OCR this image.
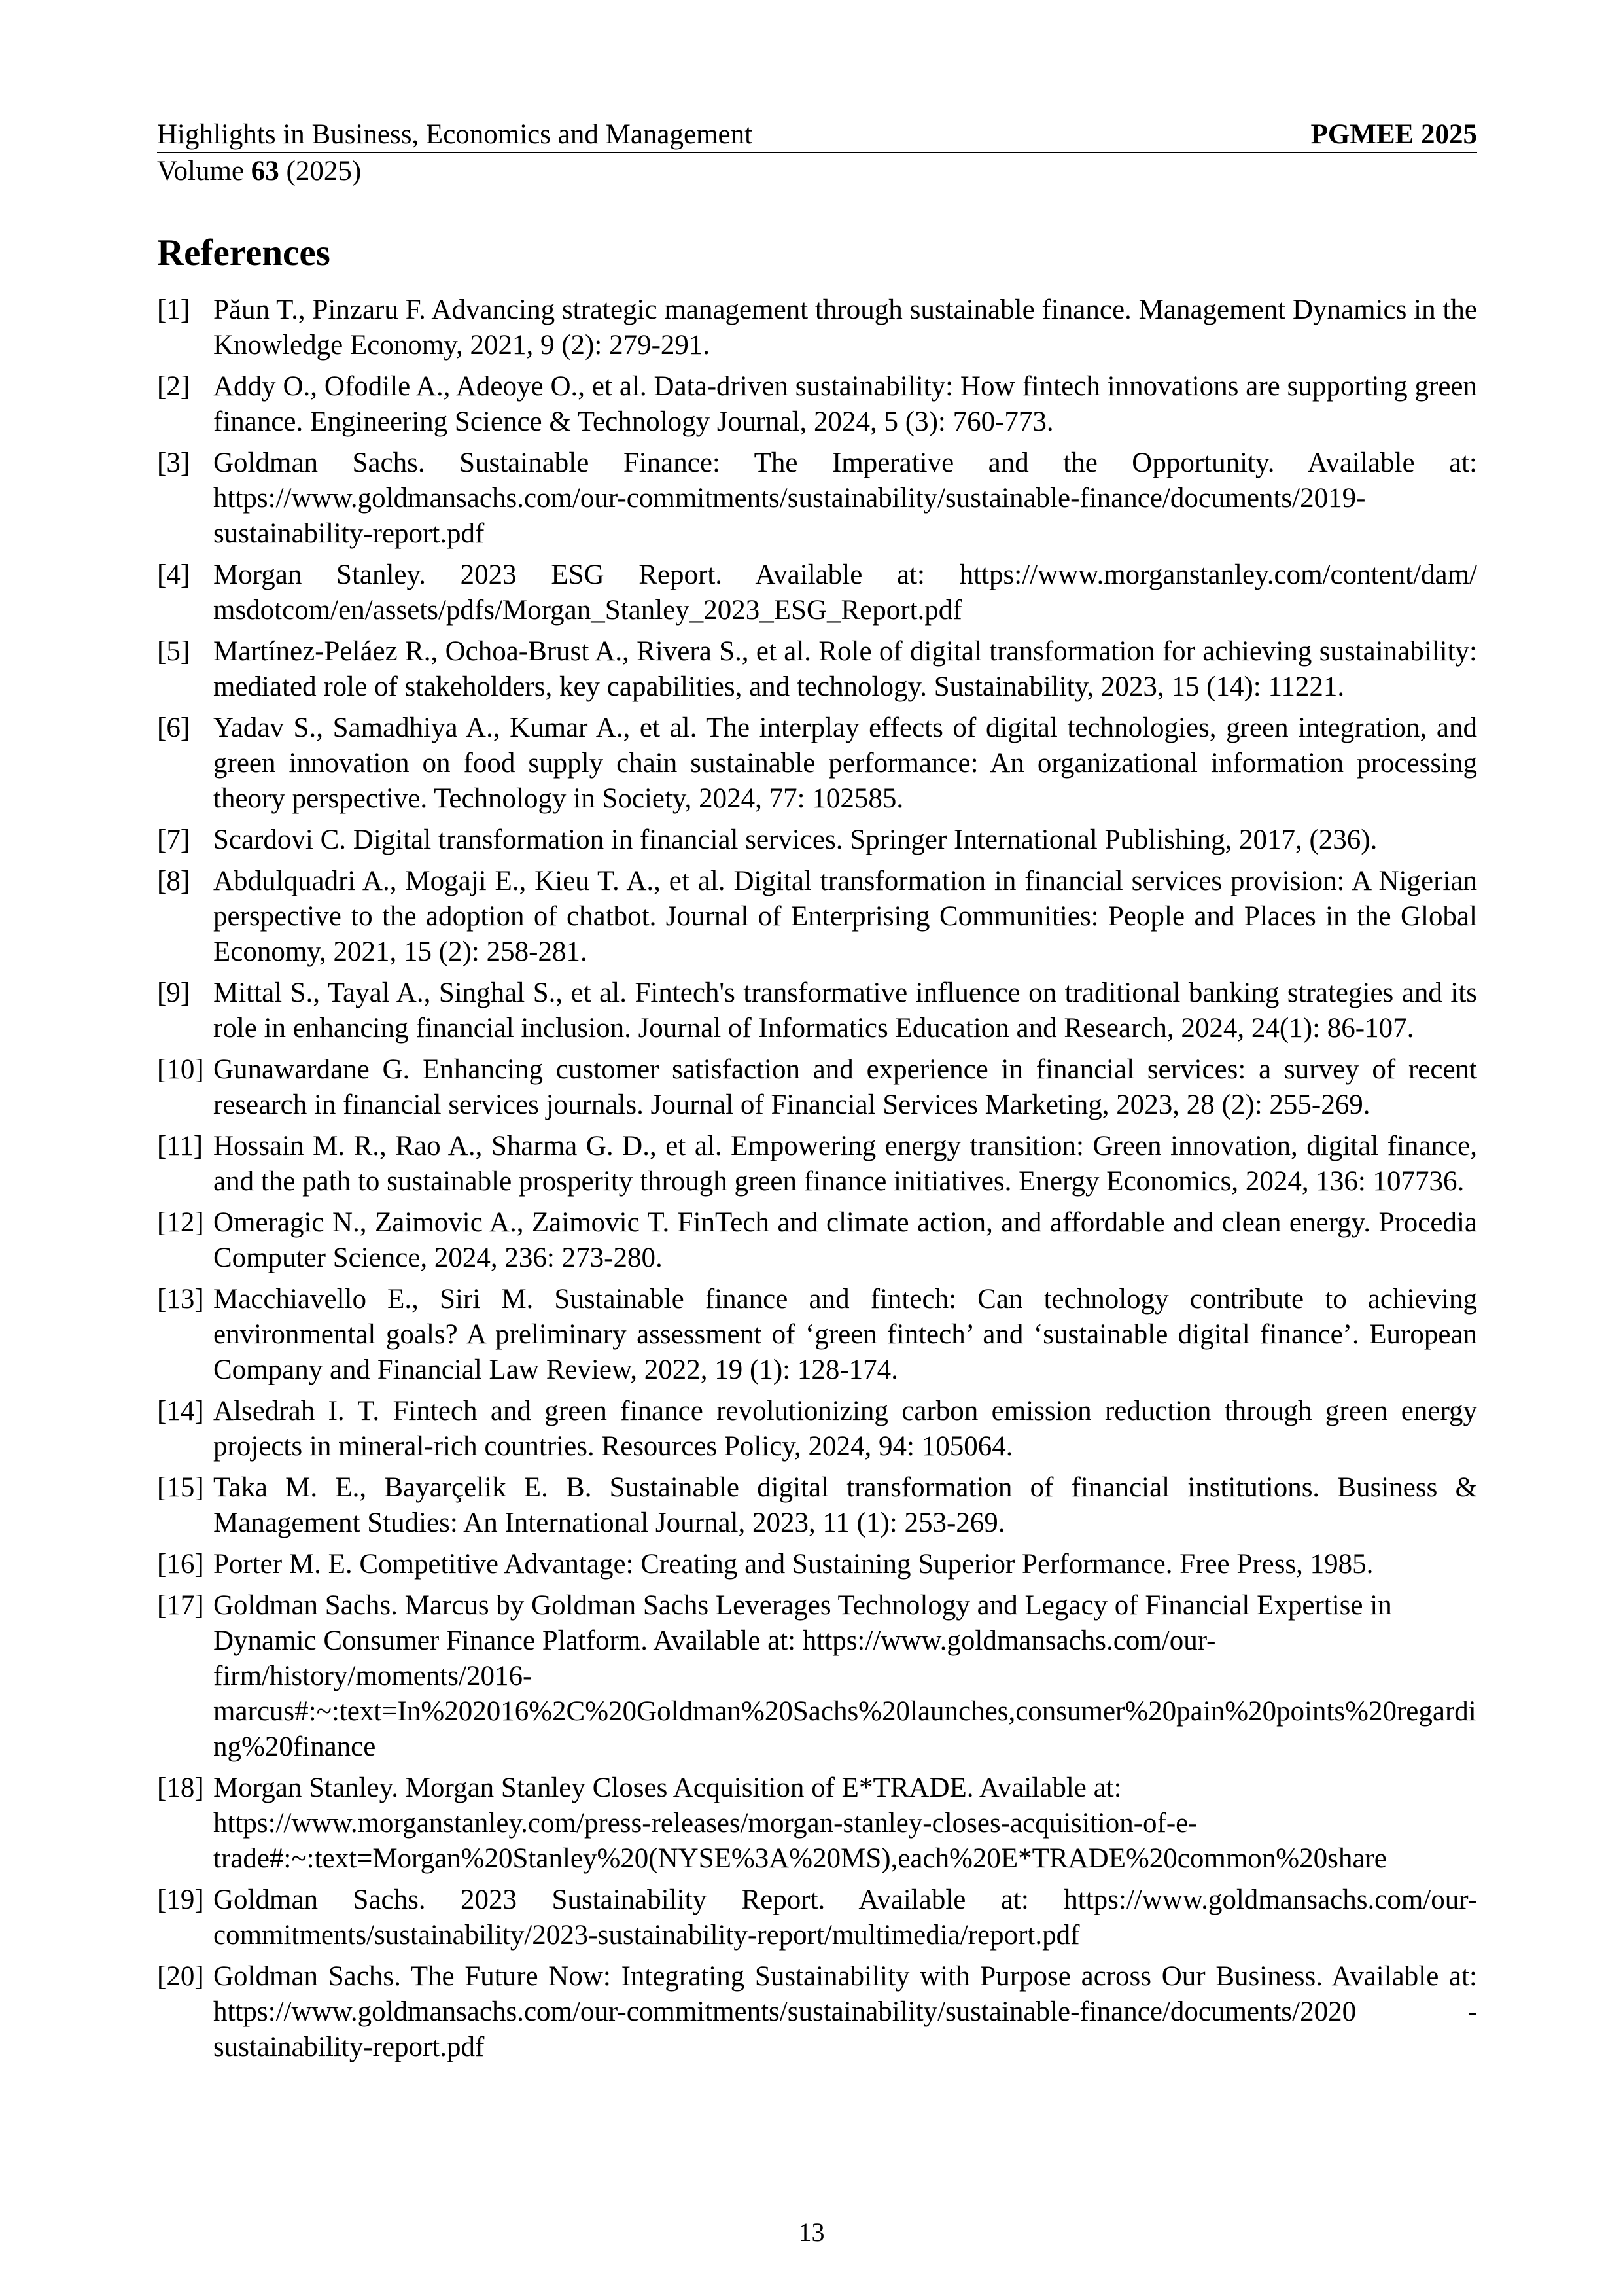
Highlights in Business, Economics and Management	PGMEE 2025
Volume 63 (2025)
References
[1] Păun T., Pinzaru F. Advancing strategic management through sustainable finance. Management Dynamics in the Knowledge Economy, 2021, 9 (2): 279-291.
[2] Addy O., Ofodile A., Adeoye O., et al. Data-driven sustainability: How fintech innovations are supporting green finance. Engineering Science & Technology Journal, 2024, 5 (3): 760-773.
[3] Goldman Sachs. Sustainable Finance: The Imperative and the Opportunity. Available at: https://www.goldmansachs.com/our-commitments/sustainability/sustainable-finance/documents/2019-sustainability-report.pdf
[4] Morgan Stanley. 2023 ESG Report. Available at: https://www.morganstanley.com/content/dam/ msdotcom/en/assets/pdfs/Morgan_Stanley_2023_ESG_Report.pdf
[5] Martínez-Peláez R., Ochoa-Brust A., Rivera S., et al. Role of digital transformation for achieving sustainability: mediated role of stakeholders, key capabilities, and technology. Sustainability, 2023, 15 (14): 11221.
[6] Yadav S., Samadhiya A., Kumar A., et al. The interplay effects of digital technologies, green integration, and green innovation on food supply chain sustainable performance: An organizational information processing theory perspective. Technology in Society, 2024, 77: 102585.
[7] Scardovi C. Digital transformation in financial services. Springer International Publishing, 2017, (236).
[8] Abdulquadri A., Mogaji E., Kieu T. A., et al. Digital transformation in financial services provision: A Nigerian perspective to the adoption of chatbot. Journal of Enterprising Communities: People and Places in the Global Economy, 2021, 15 (2): 258-281.
[9] Mittal S., Tayal A., Singhal S., et al. Fintech's transformative influence on traditional banking strategies and its role in enhancing financial inclusion. Journal of Informatics Education and Research, 2024, 24(1): 86-107.
[10] Gunawardane G. Enhancing customer satisfaction and experience in financial services: a survey of recent research in financial services journals. Journal of Financial Services Marketing, 2023, 28 (2): 255-269.
[11] Hossain M. R., Rao A., Sharma G. D., et al. Empowering energy transition: Green innovation, digital finance, and the path to sustainable prosperity through green finance initiatives. Energy Economics, 2024, 136: 107736.
[12] Omeragic N., Zaimovic A., Zaimovic T. FinTech and climate action, and affordable and clean energy. Procedia Computer Science, 2024, 236: 273-280.
[13] Macchiavello E., Siri M. Sustainable finance and fintech: Can technology contribute to achieving environmental goals? A preliminary assessment of ‘green fintech’ and ‘sustainable digital finance’. European Company and Financial Law Review, 2022, 19 (1): 128-174.
[14] Alsedrah I. T. Fintech and green finance revolutionizing carbon emission reduction through green energy projects in mineral-rich countries. Resources Policy, 2024, 94: 105064.
[15] Taka M. E., Bayarçelik E. B. Sustainable digital transformation of financial institutions. Business & Management Studies: An International Journal, 2023, 11 (1): 253-269.
[16] Porter M. E. Competitive Advantage: Creating and Sustaining Superior Performance. Free Press, 1985.
[17] Goldman Sachs. Marcus by Goldman Sachs Leverages Technology and Legacy of Financial Expertise in Dynamic Consumer Finance Platform. Available at: https://www.goldmansachs.com/our-firm/history/moments/2016-marcus#:~:text=In%202016%2C%20Goldman%20Sachs%20launches,consumer%20pain%20points%20regarding%20finance
[18] Morgan Stanley. Morgan Stanley Closes Acquisition of E*TRADE. Available at: https://www.morganstanley.com/press-releases/morgan-stanley-closes-acquisition-of-e-trade#:~:text=Morgan%20Stanley%20(NYSE%3A%20MS),each%20E*TRADE%20common%20share
[19] Goldman Sachs. 2023 Sustainability Report. Available at: https://www.goldmansachs.com/our-commitments/sustainability/2023-sustainability-report/multimedia/report.pdf
[20] Goldman Sachs. The Future Now: Integrating Sustainability with Purpose across Our Business. Available at: https://www.goldmansachs.com/our-commitments/sustainability/sustainable-finance/documents/2020 - sustainability-report.pdf
13
